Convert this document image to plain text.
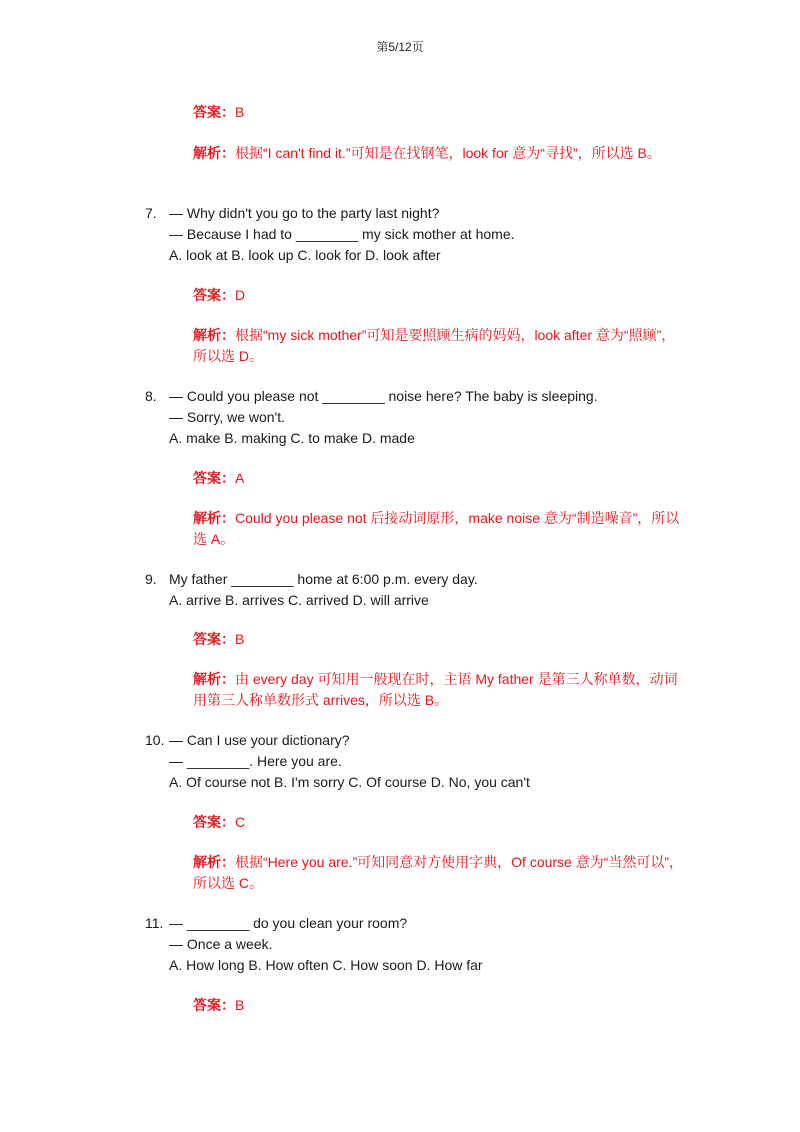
第5/12页
答案：B
解析：根据“I can't find it.”可知是在找钢笔，look for 意为“寻找”，所以选 B。
7. — Why didn't you go to the party last night?
— Because I had to ________ my sick mother at home.
A. look at B. look up C. look for D. look after
答案：D
解析：根据“my sick mother”可知是要照顾生病的妈妈，look after 意为“照顾”，所以选 D。
8. — Could you please not ________ noise here? The baby is sleeping.
— Sorry, we won't.
A. make B. making C. to make D. made
答案：A
解析：Could you please not 后接动词原形，make noise 意为“制造噪音”，所以选 A。
9. My father ________ home at 6:00 p.m. every day.
A. arrive B. arrives C. arrived D. will arrive
答案：B
解析：由 every day 可知用一般现在时，主语 My father 是第三人称单数，动词用第三人称单数形式 arrives，所以选 B。
10. — Can I use your dictionary?
— ________. Here you are.
A. Of course not B. I'm sorry C. Of course D. No, you can't
答案：C
解析：根据“Here you are.”可知同意对方使用字典，Of course 意为“当然可以”，所以选 C。
11. — ________ do you clean your room?
— Once a week.
A. How long B. How often C. How soon D. How far
答案：B
